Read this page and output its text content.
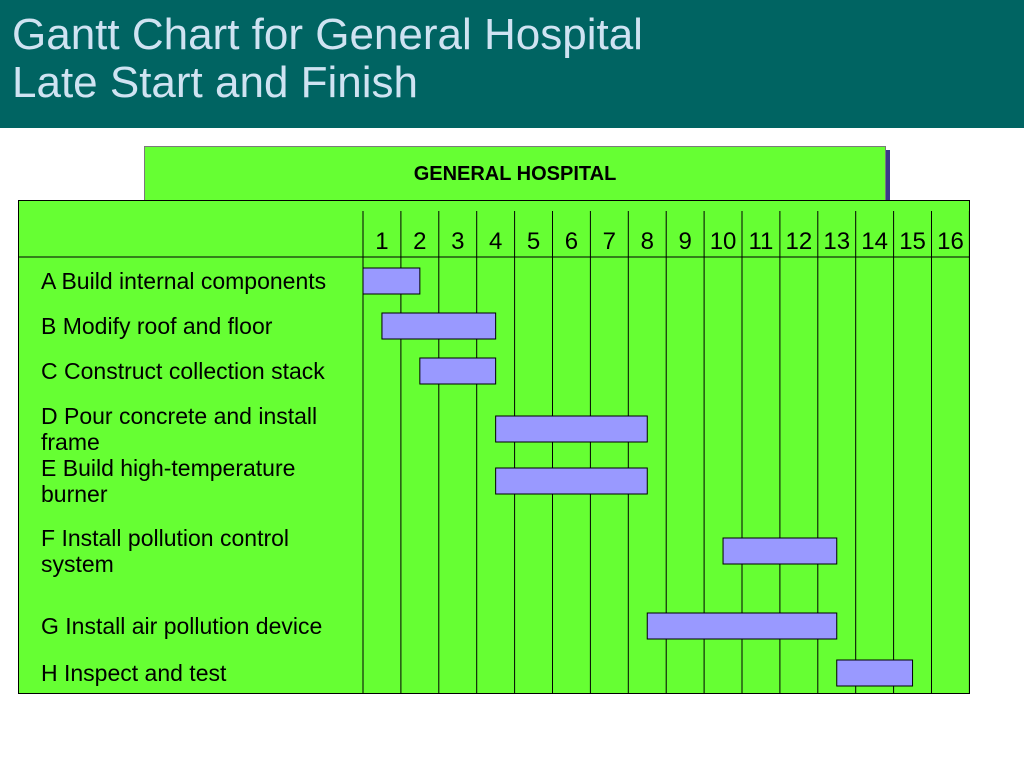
Gantt Chart for General Hospital
Late Start and Finish
GENERAL HOSPITAL
1 2 3 4 5 6 7 8 9 10 11 12 13 14 15 16
A Build internal components
B Modify roof and floor
C Construct collection stack
D Pour concrete and install frame
E Build high-temperature burner
F Install pollution control system
G Install air pollution device
H Inspect and test
